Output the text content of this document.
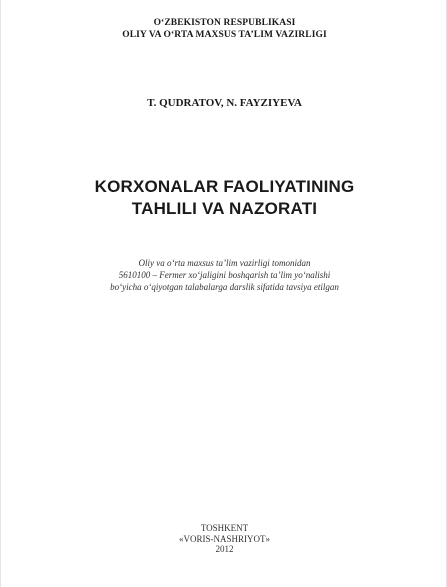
O‘ZBEKISTON RESPUBLIKASI
OLIY VA O‘RTA MAXSUS TA’LIM VAZIRLIGI
T. QUDRATOV, N. FAYZIYEVA
KORXONALAR FAOLIYATINING
TAHLILI VA NAZORATI
Oliy va o‘rta maxsus ta’lim vazirligi tomonidan
5610100 – Fermer xo‘jaligini boshqarish ta’lim yo‘nalishi
bo‘yicha o‘qiyotgan talabalarga darslik sifatida tavsiya etilgan
TOSHKENT
«VORIS-NASHRIYOT»
2012
